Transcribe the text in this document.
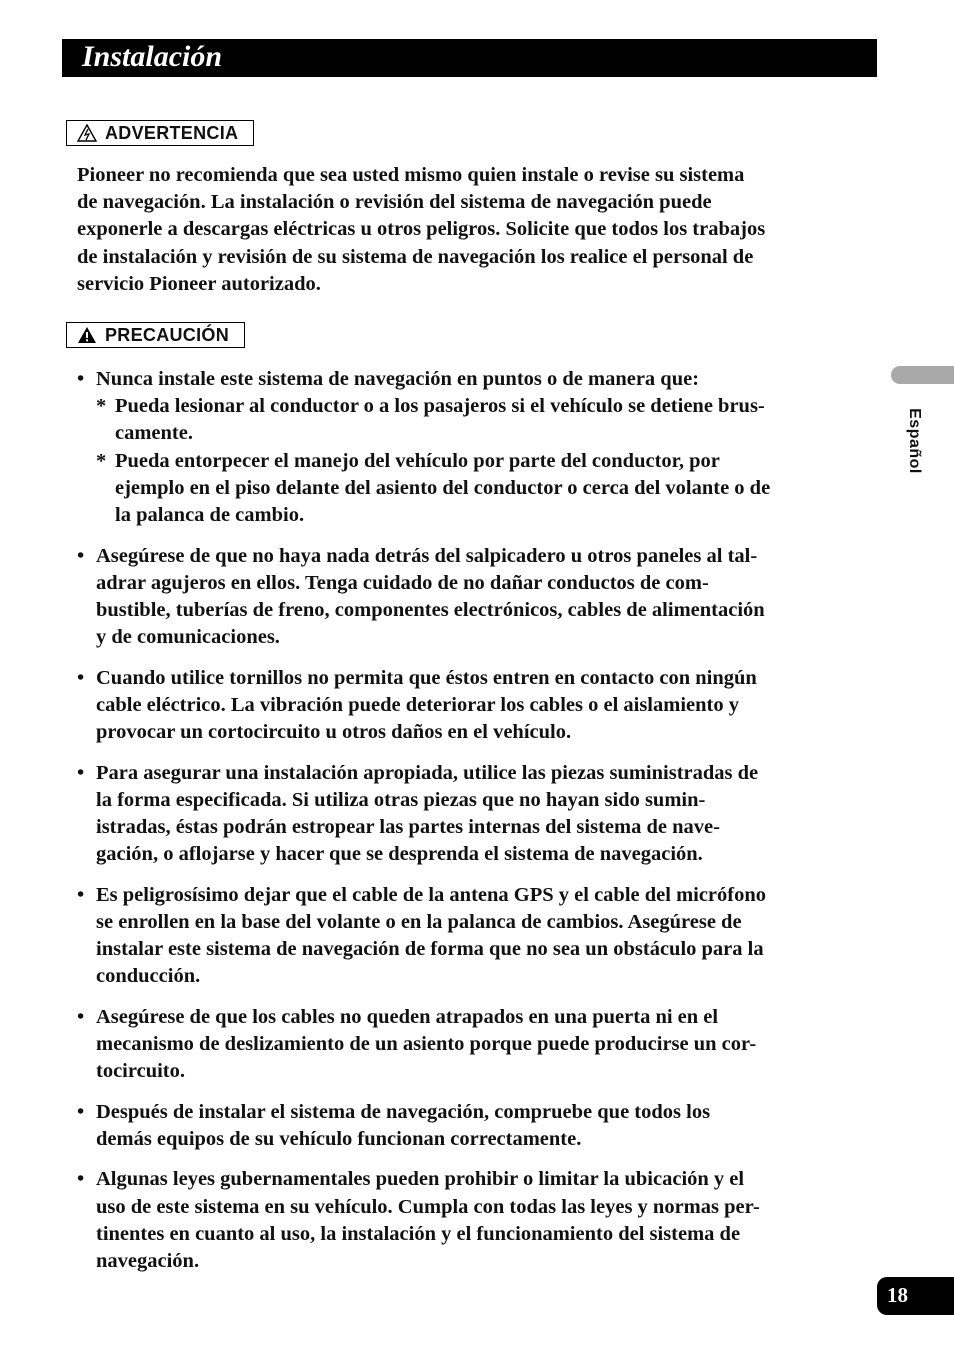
Instalación
ADVERTENCIA
Pioneer no recomienda que sea usted mismo quien instale o revise su sistema
de navegación. La instalación o revisión del sistema de navegación puede
exponerle a descargas eléctricas u otros peligros. Solicite que todos los trabajos
de instalación y revisión de su sistema de navegación los realice el personal de
servicio Pioneer autorizado.
PRECAUCIÓN
• Nunca instale este sistema de navegación en puntos o de manera que:
* Pueda lesionar al conductor o a los pasajeros si el vehículo se detiene brus-
camente.
* Pueda entorpecer el manejo del vehículo por parte del conductor, por
ejemplo en el piso delante del asiento del conductor o cerca del volante o de
la palanca de cambio.
• Asegúrese de que no haya nada detrás del salpicadero u otros paneles al tal-
adrar agujeros en ellos. Tenga cuidado de no dañar conductos de com-
bustible, tuberías de freno, componentes electrónicos, cables de alimentación
y de comunicaciones.
• Cuando utilice tornillos no permita que éstos entren en contacto con ningún
cable eléctrico. La vibración puede deteriorar los cables o el aislamiento y
provocar un cortocircuito u otros daños en el vehículo.
• Para asegurar una instalación apropiada, utilice las piezas suministradas de
la forma especificada. Si utiliza otras piezas que no hayan sido sumin-
istradas, éstas podrán estropear las partes internas del sistema de nave-
gación, o aflojarse y hacer que se desprenda el sistema de navegación.
• Es peligrosísimo dejar que el cable de la antena GPS y el cable del micrófono
se enrollen en la base del volante o en la palanca de cambios. Asegúrese de
instalar este sistema de navegación de forma que no sea un obstáculo para la
conducción.
• Asegúrese de que los cables no queden atrapados en una puerta ni en el
mecanismo de deslizamiento de un asiento porque puede producirse un cor-
tocircuito.
• Después de instalar el sistema de navegación, compruebe que todos los
demás equipos de su vehículo funcionan correctamente.
• Algunas leyes gubernamentales pueden prohibir o limitar la ubicación y el
uso de este sistema en su vehículo. Cumpla con todas las leyes y normas per-
tinentes en cuanto al uso, la instalación y el funcionamiento del sistema de
navegación.
Español
18
